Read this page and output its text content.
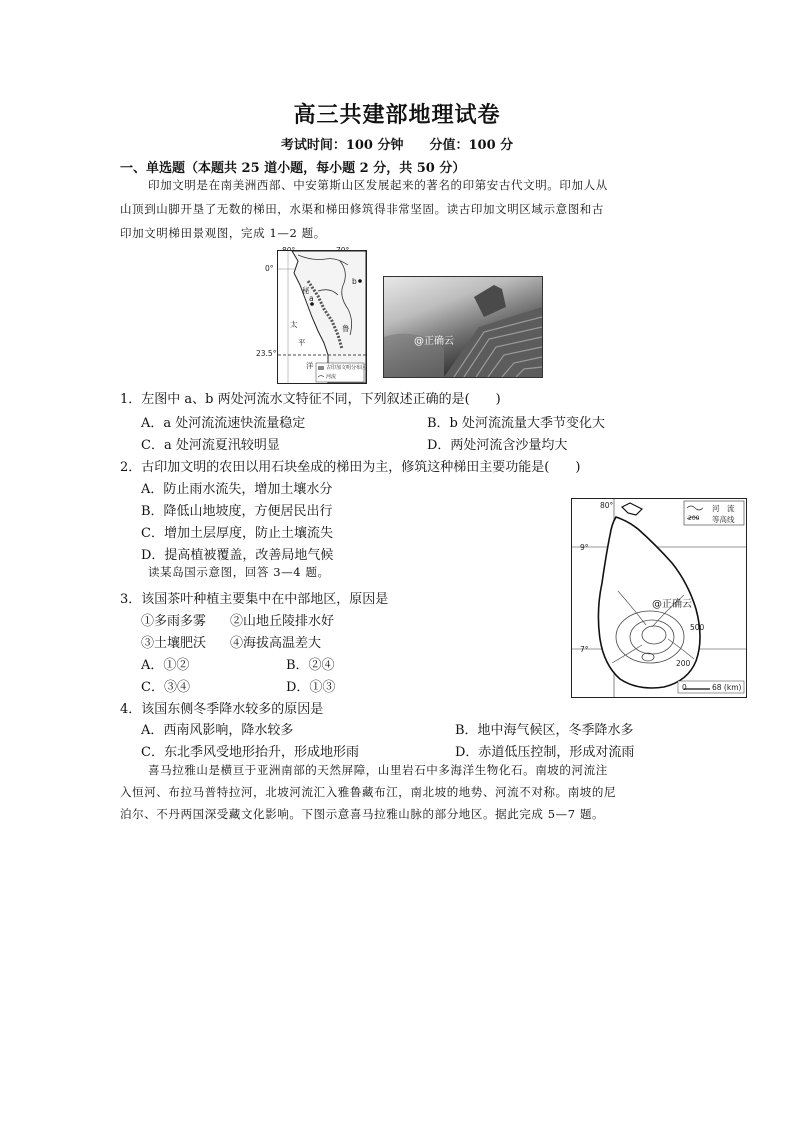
高三共建部地理试卷
考试时间：100 分钟　　分值：100 分
一、单选题（本题共 25 道小题，每小题 2 分，共 50 分）
印加文明是在南美洲西部、中安第斯山区发展起来的著名的印第安古代文明。印加人从
山顶到山脚开垦了无数的梯田，水渠和梯田修筑得非常坚固。读古印加文明区域示意图和古
印加文明梯田景观图，完成 1—2 题。
0°
23.5°
a
b
秘
鲁
太
平
洋	古印加文明分布区
河流
@正确云
1．左图中 a、b 两处河流水文特征不同，下列叙述正确的是(　　)
A．a 处河流流速快流量稳定	B．b 处河流流量大季节变化大
C．a 处河流夏汛较明显	D．两处河流含沙量均大
2．古印加文明的农田以用石块垒成的梯田为主，修筑这种梯田主要功能是(　　)
A．防止雨水流失，增加土壤水分
B．降低山地坡度，方便居民出行
C．增加土层厚度，防止土壤流失
D．提高植被覆盖，改善局地气候
读某岛国示意图，回答 3—4 题。
80°
9°
7°
河　流
等高线
200
500
200
0	68 (km)
@正确云
3．该国茶叶种植主要集中在中部地区，原因是
①多雨多雾 ②山地丘陵排水好
③土壤肥沃 ④海拔高温差大
A．①②	B．②④
C．③④	D．①③
4．该国东侧冬季降水较多的原因是
A．西南风影响，降水较多	B．地中海气候区，冬季降水多
C．东北季风受地形抬升，形成地形雨	D．赤道低压控制，形成对流雨
喜马拉雅山是横亘于亚洲南部的天然屏障，山里岩石中多海洋生物化石。南坡的河流注
入恒河、布拉马普特拉河，北坡河流汇入雅鲁藏布江，南北坡的地势、河流不对称。南坡的尼
泊尔、不丹两国深受藏文化影响。下图示意喜马拉雅山脉的部分地区。据此完成 5—7 题。
